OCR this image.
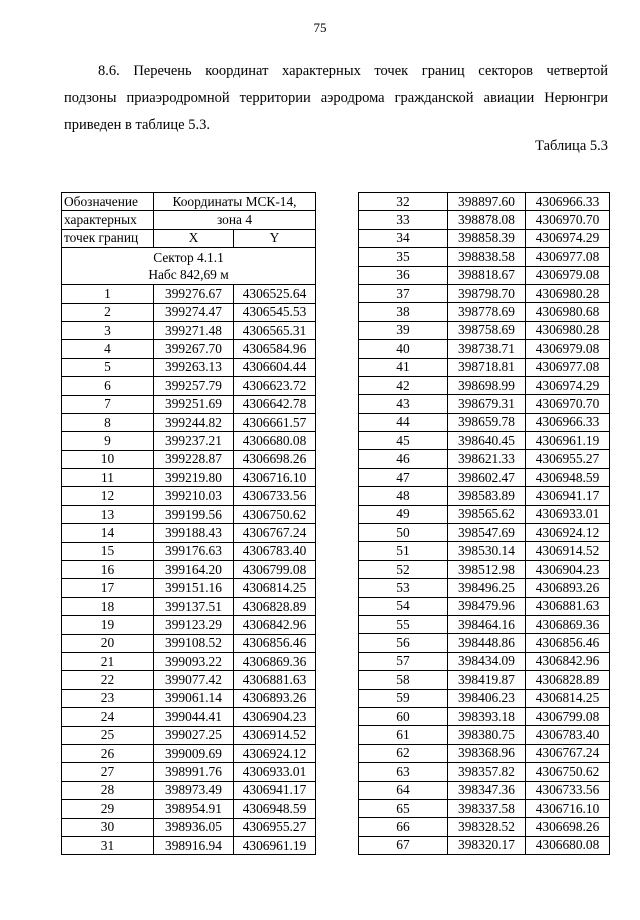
75
8.6. Перечень координат характерных точек границ секторов четвертой
подзоны приаэродромной территории аэродрома гражданской авиации Нерюнгри
приведен в таблице 5.3.
Таблица 5.3
Обозначение	Координаты МСК-14,	
характерных	зона 4	
точек границ	X	Y

Сектор 4.1.1
Набс 842,69 м		

1	399276.67	4306525.64
2	399274.47	4306545.53
3	399271.48	4306565.31
4	399267.70	4306584.96
5	399263.13	4306604.44
6	399257.79	4306623.72
7	399251.69	4306642.78
8	399244.82	4306661.57
9	399237.21	4306680.08
10	399228.87	4306698.26
11	399219.80	4306716.10
12	399210.03	4306733.56
13	399199.56	4306750.62
14	399188.43	4306767.24
15	399176.63	4306783.40
16	399164.20	4306799.08
17	399151.16	4306814.25
18	399137.51	4306828.89
19	399123.29	4306842.96
20	399108.52	4306856.46
21	399093.22	4306869.36
22	399077.42	4306881.63
23	399061.14	4306893.26
24	399044.41	4306904.23
25	399027.25	4306914.52
26	399009.69	4306924.12
27	398991.76	4306933.01
28	398973.49	4306941.17
29	398954.91	4306948.59
30	398936.05	4306955.27
31	398916.94	4306961.19
32	398897.60	4306966.33
33	398878.08	4306970.70
34	398858.39	4306974.29
35	398838.58	4306977.08
36	398818.67	4306979.08
37	398798.70	4306980.28
38	398778.69	4306980.68
39	398758.69	4306980.28
40	398738.71	4306979.08
41	398718.81	4306977.08
42	398698.99	4306974.29
43	398679.31	4306970.70
44	398659.78	4306966.33
45	398640.45	4306961.19
46	398621.33	4306955.27
47	398602.47	4306948.59
48	398583.89	4306941.17
49	398565.62	4306933.01
50	398547.69	4306924.12
51	398530.14	4306914.52
52	398512.98	4306904.23
53	398496.25	4306893.26
54	398479.96	4306881.63
55	398464.16	4306869.36
56	398448.86	4306856.46
57	398434.09	4306842.96
58	398419.87	4306828.89
59	398406.23	4306814.25
60	398393.18	4306799.08
61	398380.75	4306783.40
62	398368.96	4306767.24
63	398357.82	4306750.62
64	398347.36	4306733.56
65	398337.58	4306716.10
66	398328.52	4306698.26
67	398320.17	4306680.08
